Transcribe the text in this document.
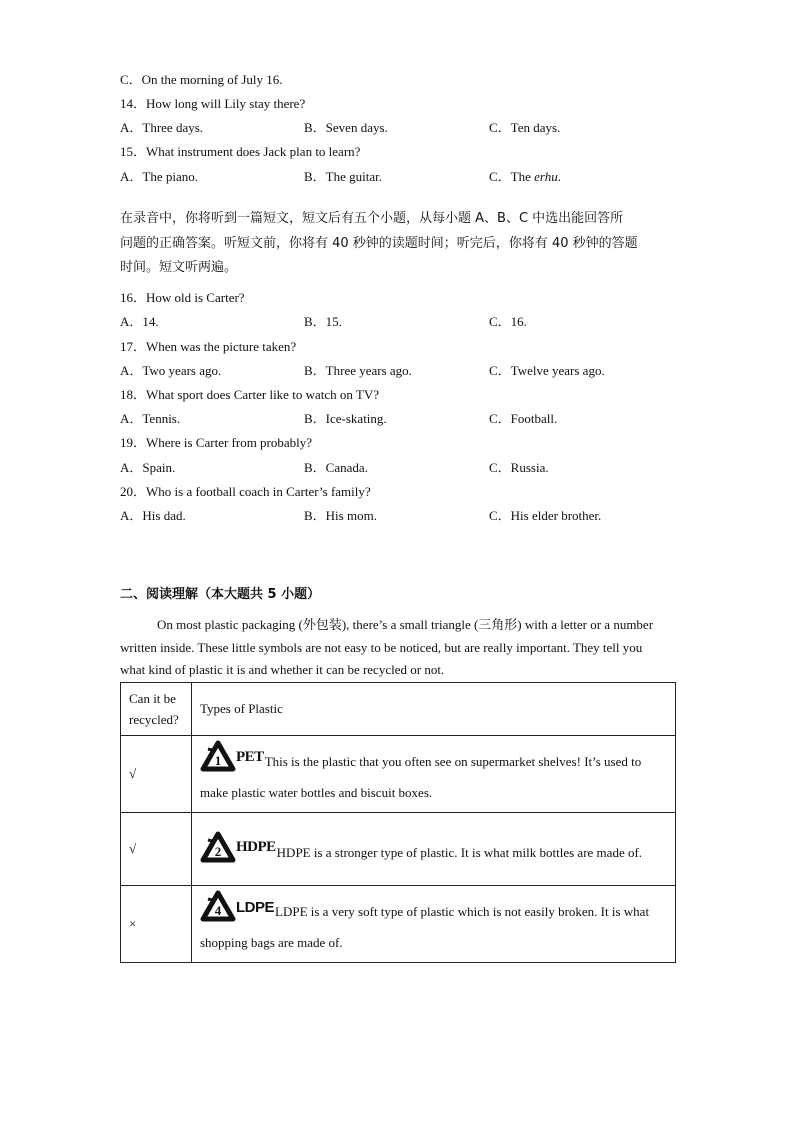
C．On the morning of July 16.
14．How long will Lily stay there?
A．Three days.	B．Seven days.	C．Ten days.
15．What instrument does Jack plan to learn?
A．The piano.	B．The guitar.	C．The erhu.
在录音中，你将听到一篇短文，短文后有五个小题，从每小题 A、B、C 中选出能回答所
问题的正确答案。听短文前，你将有 40 秒钟的读题时间；听完后，你将有 40 秒钟的答题
时间。短文听两遍。
16．How old is Carter?
A．14.	B．15.	C．16.
17．When was the picture taken?
A．Two years ago.	B．Three years ago.	C．Twelve years ago.
18．What sport does Carter like to watch on TV?
A．Tennis.	B．Ice-skating.	C．Football.
19．Where is Carter from probably?
A．Spain.	B．Canada.	C．Russia.
20．Who is a football coach in Carter’s family?
A．His dad.	B．His mom.	C．His elder brother.
二、阅读理解（本大题共 5 小题）
On most plastic packaging (外包装), there’s a small triangle (三角形) with a letter or a number written inside. These little symbols are not easy to be noticed, but are really important. They tell you what kind of plastic it is and whether it can be recycled or not.
Can it be recycled?	Types of Plastic
√	1 PET This is the plastic that you often see on supermarket shelves! It’s used to make plastic water bottles and biscuit boxes.

√	2 HDPE HDPE is a stronger type of plastic. It is what milk bottles are made of.

×	4 LDPE LDPE is a very soft type of plastic which is not easily broken. It is what shopping bags are made of.
